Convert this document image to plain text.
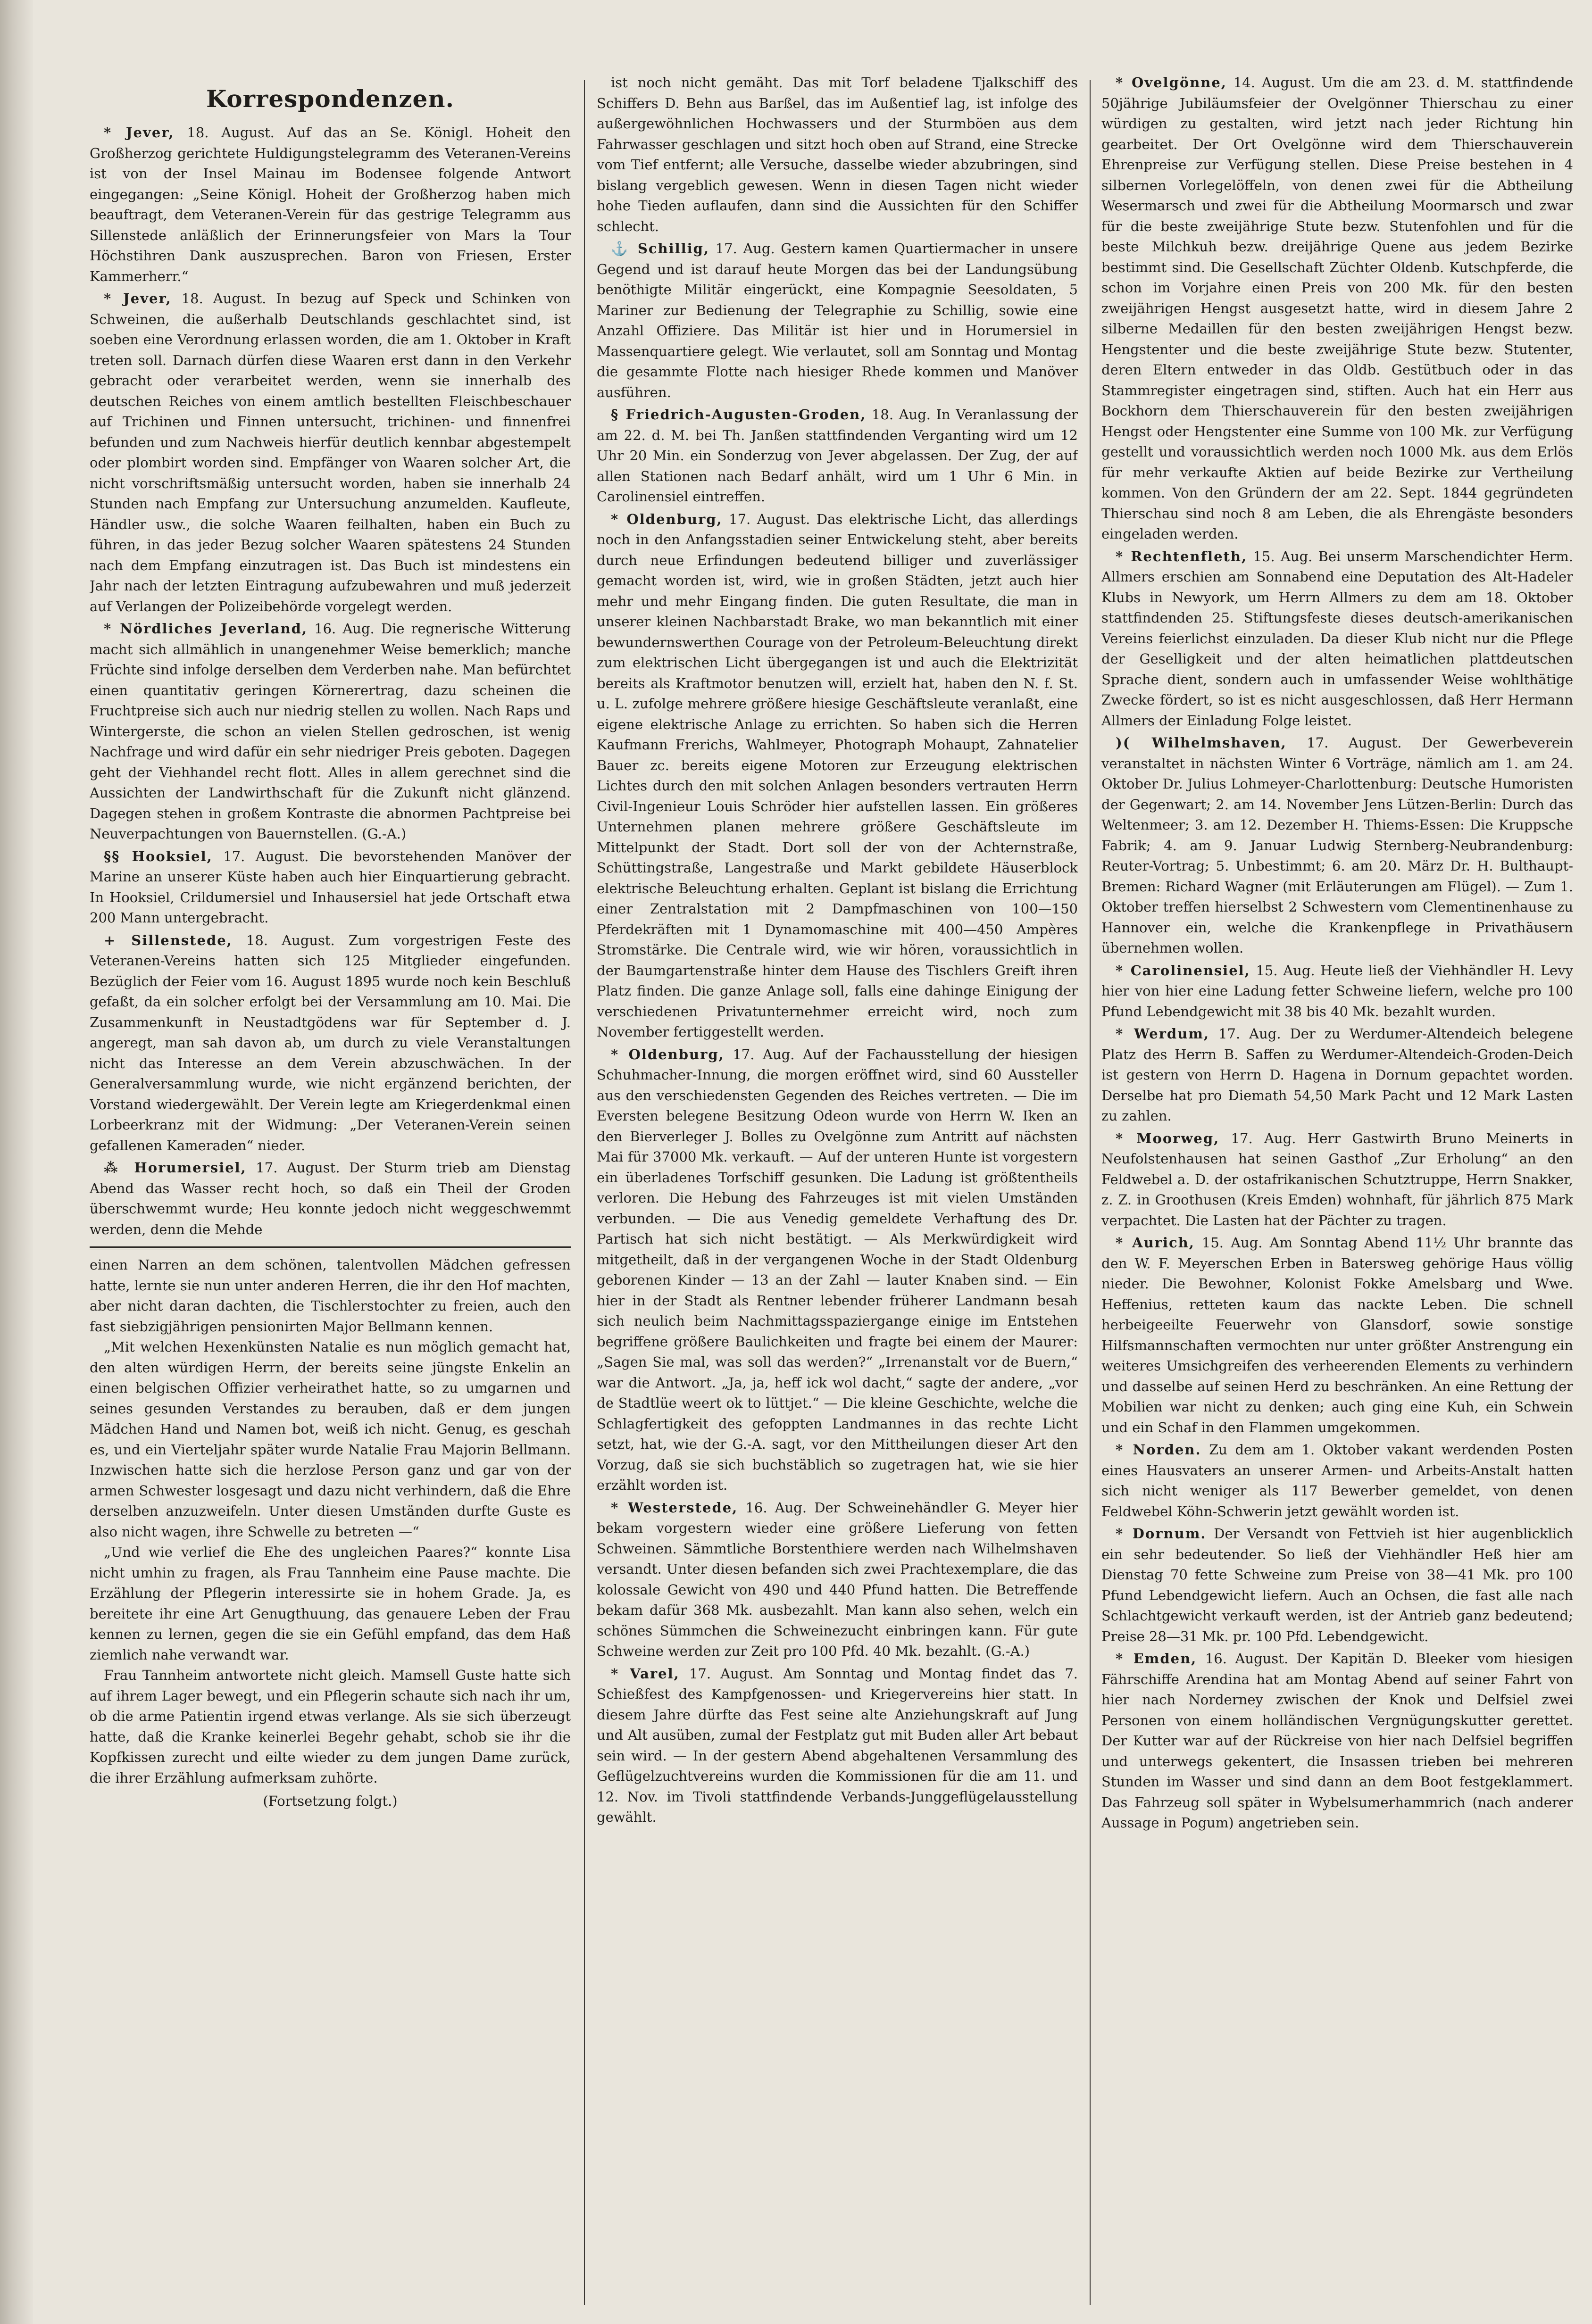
Korrespondenzen.

* Jever, 18. August. Auf das an Se. Königl. Hoheit den Großherzog gerichtete Huldigungstelegramm des Veteranen-Vereins ist von der Insel Mainau im Bodensee folgende Antwort eingegangen: „Seine Königl. Hoheit der Großherzog haben mich beauftragt, dem Veteranen-Verein für das gestrige Telegramm aus Sillenstede anläßlich der Erinnerungsfeier von Mars la Tour Höchstihren Dank auszusprechen. Baron von Friesen, Erster Kammerherr.“

* Jever, 18. August. In bezug auf Speck und Schinken von Schweinen, die außerhalb Deutschlands geschlachtet sind, ist soeben eine Verordnung erlassen worden, die am 1. Oktober in Kraft treten soll. Darnach dürfen diese Waaren erst dann in den Verkehr gebracht oder verarbeitet werden, wenn sie innerhalb des deutschen Reiches von einem amtlich bestellten Fleischbeschauer auf Trichinen und Finnen untersucht, trichinen- und finnenfrei befunden und zum Nachweis hierfür deutlich kennbar abgestempelt oder plombirt worden sind. Empfänger von Waaren solcher Art, die nicht vorschriftsmäßig untersucht worden, haben sie innerhalb 24 Stunden nach Empfang zur Untersuchung anzumelden. Kaufleute, Händler usw., die solche Waaren feilhalten, haben ein Buch zu führen, in das jeder Bezug solcher Waaren spätestens 24 Stunden nach dem Empfang einzutragen ist. Das Buch ist mindestens ein Jahr nach der letzten Eintragung aufzubewahren und muß jederzeit auf Verlangen der Polizeibehörde vorgelegt werden.

* Nördliches Jeverland, 16. Aug. Die regnerische Witterung macht sich allmählich in unangenehmer Weise bemerklich; manche Früchte sind infolge derselben dem Verderben nahe. Man befürchtet einen quantitativ geringen Körnerertrag, dazu scheinen die Fruchtpreise sich auch nur niedrig stellen zu wollen. Nach Raps und Wintergerste, die schon an vielen Stellen gedroschen, ist wenig Nachfrage und wird dafür ein sehr niedriger Preis geboten. Dagegen geht der Viehhandel recht flott. Alles in allem gerechnet sind die Aussichten der Landwirthschaft für die Zukunft nicht glänzend. Dagegen stehen in großem Kontraste die abnormen Pachtpreise bei Neuverpachtungen von Bauernstellen. (G.-A.)

§§ Hooksiel, 17. August. Die bevorstehenden Manöver der Marine an unserer Küste haben auch hier Einquartierung gebracht. In Hooksiel, Crildumersiel und Inhausersiel hat jede Ortschaft etwa 200 Mann untergebracht.

+ Sillenstede, 18. August. Zum vorgestrigen Feste des Veteranen-Vereins hatten sich 125 Mitglieder eingefunden. Bezüglich der Feier vom 16. August 1895 wurde noch kein Beschluß gefaßt, da ein solcher erfolgt bei der Versammlung am 10. Mai. Die Zusammenkunft in Neustadtgödens war für September d. J. angeregt, man sah davon ab, um durch zu viele Veranstaltungen nicht das Interesse an dem Verein abzuschwächen. In der Generalversammlung wurde, wie nicht ergänzend berichten, der Vorstand wiedergewählt. Der Verein legte am Kriegerdenkmal einen Lorbeerkranz mit der Widmung: „Der Veteranen-Verein seinen gefallenen Kameraden“ nieder.

⁂ Horumersiel, 17. August. Der Sturm trieb am Dienstag Abend das Wasser recht hoch, so daß ein Theil der Groden überschwemmt wurde; Heu konnte jedoch nicht weggeschwemmt werden, denn die Mehde

einen Narren an dem schönen, talentvollen Mädchen gefressen hatte, lernte sie nun unter anderen Herren, die ihr den Hof machten, aber nicht daran dachten, die Tischlerstochter zu freien, auch den fast siebzigjährigen pensionirten Major Bellmann kennen.

„Mit welchen Hexenkünsten Natalie es nun möglich gemacht hat, den alten würdigen Herrn, der bereits seine jüngste Enkelin an einen belgischen Offizier verheirathet hatte, so zu umgarnen und seines gesunden Verstandes zu berauben, daß er dem jungen Mädchen Hand und Namen bot, weiß ich nicht. Genug, es geschah es, und ein Vierteljahr später wurde Natalie Frau Majorin Bellmann. Inzwischen hatte sich die herzlose Person ganz und gar von der armen Schwester losgesagt und dazu nicht verhindern, daß die Ehre derselben anzuzweifeln. Unter diesen Umständen durfte Guste es also nicht wagen, ihre Schwelle zu betreten —“

„Und wie verlief die Ehe des ungleichen Paares?“ konnte Lisa nicht umhin zu fragen, als Frau Tannheim eine Pause machte. Die Erzählung der Pflegerin interessirte sie in hohem Grade. Ja, es bereitete ihr eine Art Genugthuung, das genauere Leben der Frau kennen zu lernen, gegen die sie ein Gefühl empfand, das dem Haß ziemlich nahe verwandt war.

Frau Tannheim antwortete nicht gleich. Mamsell Guste hatte sich auf ihrem Lager bewegt, und ein Pflegerin schaute sich nach ihr um, ob die arme Patientin irgend etwas verlange. Als sie sich überzeugt hatte, daß die Kranke keinerlei Begehr gehabt, schob sie ihr die Kopfkissen zurecht und eilte wieder zu dem jungen Dame zurück, die ihrer Erzählung aufmerksam zuhörte.

(Fortsetzung folgt.)

ist noch nicht gemäht. Das mit Torf beladene Tjalkschiff des Schiffers D. Behn aus Barßel, das im Außentief lag, ist infolge des außergewöhnlichen Hochwassers und der Sturmböen aus dem Fahrwasser geschlagen und sitzt hoch oben auf Strand, eine Strecke vom Tief entfernt; alle Versuche, dasselbe wieder abzubringen, sind bislang vergeblich gewesen. Wenn in diesen Tagen nicht wieder hohe Tieden auflaufen, dann sind die Aussichten für den Schiffer schlecht.

⚓ Schillig, 17. Aug. Gestern kamen Quartiermacher in unsere Gegend und ist darauf heute Morgen das bei der Landungsübung benöthigte Militär eingerückt, eine Kompagnie Seesoldaten, 5 Mariner zur Bedienung der Telegraphie zu Schillig, sowie eine Anzahl Offiziere. Das Militär ist hier und in Horumersiel in Massenquartiere gelegt. Wie verlautet, soll am Sonntag und Montag die gesammte Flotte nach hiesiger Rhede kommen und Manöver ausführen.

§ Friedrich-Augusten-Groden, 18. Aug. In Veranlassung der am 22. d. M. bei Th. Janßen stattfindenden Verganting wird um 12 Uhr 20 Min. ein Sonderzug von Jever abgelassen. Der Zug, der auf allen Stationen nach Bedarf anhält, wird um 1 Uhr 6 Min. in Carolinensiel eintreffen.

* Oldenburg, 17. August. Das elektrische Licht, das allerdings noch in den Anfangsstadien seiner Entwickelung steht, aber bereits durch neue Erfindungen bedeutend billiger und zuverlässiger gemacht worden ist, wird, wie in großen Städten, jetzt auch hier mehr und mehr Eingang finden. Die guten Resultate, die man in unserer kleinen Nachbarstadt Brake, wo man bekanntlich mit einer bewundernswerthen Courage von der Petroleum-Beleuchtung direkt zum elektrischen Licht übergegangen ist und auch die Elektrizität bereits als Kraftmotor benutzen will, erzielt hat, haben den N. f. St. u. L. zufolge mehrere größere hiesige Geschäftsleute veranlaßt, eine eigene elektrische Anlage zu errichten. So haben sich die Herren Kaufmann Frerichs, Wahlmeyer, Photograph Mohaupt, Zahnatelier Bauer zc. bereits eigene Motoren zur Erzeugung elektrischen Lichtes durch den mit solchen Anlagen besonders vertrauten Herrn Civil-Ingenieur Louis Schröder hier aufstellen lassen. Ein größeres Unternehmen planen mehrere größere Geschäftsleute im Mittelpunkt der Stadt. Dort soll der von der Achternstraße, Schüttingstraße, Langestraße und Markt gebildete Häuserblock elektrische Beleuchtung erhalten. Geplant ist bislang die Errichtung einer Zentralstation mit 2 Dampfmaschinen von 100—150 Pferdekräften mit 1 Dynamomaschine mit 400—450 Ampères Stromstärke. Die Centrale wird, wie wir hören, voraussichtlich in der Baumgartenstraße hinter dem Hause des Tischlers Greift ihren Platz finden. Die ganze Anlage soll, falls eine dahinge Einigung der verschiedenen Privatunternehmer erreicht wird, noch zum November fertiggestellt werden.

* Oldenburg, 17. Aug. Auf der Fachausstellung der hiesigen Schuhmacher-Innung, die morgen eröffnet wird, sind 60 Aussteller aus den verschiedensten Gegenden des Reiches vertreten. — Die im Eversten belegene Besitzung Odeon wurde von Herrn W. Iken an den Bierverleger J. Bolles zu Ovelgönne zum Antritt auf nächsten Mai für 37000 Mk. verkauft. — Auf der unteren Hunte ist vorgestern ein überladenes Torfschiff gesunken. Die Ladung ist größtentheils verloren. Die Hebung des Fahrzeuges ist mit vielen Umständen verbunden. — Die aus Venedig gemeldete Verhaftung des Dr. Partisch hat sich nicht bestätigt. — Als Merkwürdigkeit wird mitgetheilt, daß in der vergangenen Woche in der Stadt Oldenburg geborenen Kinder — 13 an der Zahl — lauter Knaben sind. — Ein hier in der Stadt als Rentner lebender früherer Landmann besah sich neulich beim Nachmittagsspaziergange einige im Entstehen begriffene größere Baulichkeiten und fragte bei einem der Maurer: „Sagen Sie mal, was soll das werden?“ „Irrenanstalt vor de Buern,“ war die Antwort. „Ja, ja, heff ick wol dacht,“ sagte der andere, „vor de Stadtlüe weert ok to lüttjet.“ — Die kleine Geschichte, welche die Schlagfertigkeit des gefoppten Landmannes in das rechte Licht setzt, hat, wie der G.-A. sagt, vor den Mittheilungen dieser Art den Vorzug, daß sie sich buchstäblich so zugetragen hat, wie sie hier erzählt worden ist.

* Westerstede, 16. Aug. Der Schweinehändler G. Meyer hier bekam vorgestern wieder eine größere Lieferung von fetten Schweinen. Sämmtliche Borstenthiere werden nach Wilhelmshaven versandt. Unter diesen befanden sich zwei Prachtexemplare, die das kolossale Gewicht von 490 und 440 Pfund hatten. Die Betreffende bekam dafür 368 Mk. ausbezahlt. Man kann also sehen, welch ein schönes Sümmchen die Schweinezucht einbringen kann. Für gute Schweine werden zur Zeit pro 100 Pfd. 40 Mk. bezahlt. (G.-A.)

* Varel, 17. August. Am Sonntag und Montag findet das 7. Schießfest des Kampfgenossen- und Kriegervereins hier statt. In diesem Jahre dürfte das Fest seine alte Anziehungskraft auf Jung und Alt ausüben, zumal der Festplatz gut mit Buden aller Art bebaut sein wird. — In der gestern Abend abgehaltenen Versammlung des Geflügelzuchtvereins wurden die Kommissionen für die am 11. und 12. Nov. im Tivoli stattfindende Verbands-Junggeflügelausstellung gewählt.

* Ovelgönne, 14. August. Um die am 23. d. M. stattfindende 50jährige Jubiläumsfeier der Ovelgönner Thierschau zu einer würdigen zu gestalten, wird jetzt nach jeder Richtung hin gearbeitet. Der Ort Ovelgönne wird dem Thierschauverein Ehrenpreise zur Verfügung stellen. Diese Preise bestehen in 4 silbernen Vorlegelöffeln, von denen zwei für die Abtheilung Wesermarsch und zwei für die Abtheilung Moormarsch und zwar für die beste zweijährige Stute bezw. Stutenfohlen und für die beste Milchkuh bezw. dreijährige Quene aus jedem Bezirke bestimmt sind. Die Gesellschaft Züchter Oldenb. Kutschpferde, die schon im Vorjahre einen Preis von 200 Mk. für den besten zweijährigen Hengst ausgesetzt hatte, wird in diesem Jahre 2 silberne Medaillen für den besten zweijährigen Hengst bezw. Hengstenter und die beste zweijährige Stute bezw. Stutenter, deren Eltern entweder in das Oldb. Gestütbuch oder in das Stammregister eingetragen sind, stiften. Auch hat ein Herr aus Bockhorn dem Thierschauverein für den besten zweijährigen Hengst oder Hengstenter eine Summe von 100 Mk. zur Verfügung gestellt und voraussichtlich werden noch 1000 Mk. aus dem Erlös für mehr verkaufte Aktien auf beide Bezirke zur Vertheilung kommen. Von den Gründern der am 22. Sept. 1844 gegründeten Thierschau sind noch 8 am Leben, die als Ehrengäste besonders eingeladen werden.

* Rechtenfleth, 15. Aug. Bei unserm Marschendichter Herm. Allmers erschien am Sonnabend eine Deputation des Alt-Hadeler Klubs in Newyork, um Herrn Allmers zu dem am 18. Oktober stattfindenden 25. Stiftungsfeste dieses deutsch-amerikanischen Vereins feierlichst einzuladen. Da dieser Klub nicht nur die Pflege der Geselligkeit und der alten heimatlichen plattdeutschen Sprache dient, sondern auch in umfassender Weise wohlthätige Zwecke fördert, so ist es nicht ausgeschlossen, daß Herr Hermann Allmers der Einladung Folge leistet.

)( Wilhelmshaven, 17. August. Der Gewerbeverein veranstaltet in nächsten Winter 6 Vorträge, nämlich am 1. am 24. Oktober Dr. Julius Lohmeyer-Charlottenburg: Deutsche Humoristen der Gegenwart; 2. am 14. November Jens Lützen-Berlin: Durch das Weltenmeer; 3. am 12. Dezember H. Thiems-Essen: Die Kruppsche Fabrik; 4. am 9. Januar Ludwig Sternberg-Neubrandenburg: Reuter-Vortrag; 5. Unbestimmt; 6. am 20. März Dr. H. Bulthaupt-Bremen: Richard Wagner (mit Erläuterungen am Flügel). — Zum 1. Oktober treffen hierselbst 2 Schwestern vom Clementinenhause zu Hannover ein, welche die Krankenpflege in Privathäusern übernehmen wollen.

* Carolinensiel, 15. Aug. Heute ließ der Viehhändler H. Levy hier von hier eine Ladung fetter Schweine liefern, welche pro 100 Pfund Lebendgewicht mit 38 bis 40 Mk. bezahlt wurden.

* Werdum, 17. Aug. Der zu Werdumer-Altendeich belegene Platz des Herrn B. Saffen zu Werdumer-Altendeich-Groden-Deich ist gestern von Herrn D. Hagena in Dornum gepachtet worden. Derselbe hat pro Diemath 54,50 Mark Pacht und 12 Mark Lasten zu zahlen.

* Moorweg, 17. Aug. Herr Gastwirth Bruno Meinerts in Neufolstenhausen hat seinen Gasthof „Zur Erholung“ an den Feldwebel a. D. der ostafrikanischen Schutztruppe, Herrn Snakker, z. Z. in Groothusen (Kreis Emden) wohnhaft, für jährlich 875 Mark verpachtet. Die Lasten hat der Pächter zu tragen.

* Aurich, 15. Aug. Am Sonntag Abend 11½ Uhr brannte das den W. F. Meyerschen Erben in Batersweg gehörige Haus völlig nieder. Die Bewohner, Kolonist Fokke Amelsbarg und Wwe. Heffenius, retteten kaum das nackte Leben. Die schnell herbeigeeilte Feuerwehr von Glansdorf, sowie sonstige Hilfsmannschaften vermochten nur unter größter Anstrengung ein weiteres Umsichgreifen des verheerenden Elements zu verhindern und dasselbe auf seinen Herd zu beschränken. An eine Rettung der Mobilien war nicht zu denken; auch ging eine Kuh, ein Schwein und ein Schaf in den Flammen umgekommen.

* Norden. Zu dem am 1. Oktober vakant werdenden Posten eines Hausvaters an unserer Armen- und Arbeits-Anstalt hatten sich nicht weniger als 117 Bewerber gemeldet, von denen Feldwebel Köhn-Schwerin jetzt gewählt worden ist.

* Dornum. Der Versandt von Fettvieh ist hier augenblicklich ein sehr bedeutender. So ließ der Viehhändler Heß hier am Dienstag 70 fette Schweine zum Preise von 38—41 Mk. pro 100 Pfund Lebendgewicht liefern. Auch an Ochsen, die fast alle nach Schlachtgewicht verkauft werden, ist der Antrieb ganz bedeutend; Preise 28—31 Mk. pr. 100 Pfd. Lebendgewicht.

* Emden, 16. August. Der Kapitän D. Bleeker vom hiesigen Fährschiffe Arendina hat am Montag Abend auf seiner Fahrt von hier nach Norderney zwischen der Knok und Delfsiel zwei Personen von einem holländischen Vergnügungskutter gerettet. Der Kutter war auf der Rückreise von hier nach Delfsiel begriffen und unterwegs gekentert, die Insassen trieben bei mehreren Stunden im Wasser und sind dann an dem Boot festgeklammert. Das Fahrzeug soll später in Wybelsumerhammrich (nach anderer Aussage in Pogum) angetrieben sein.
